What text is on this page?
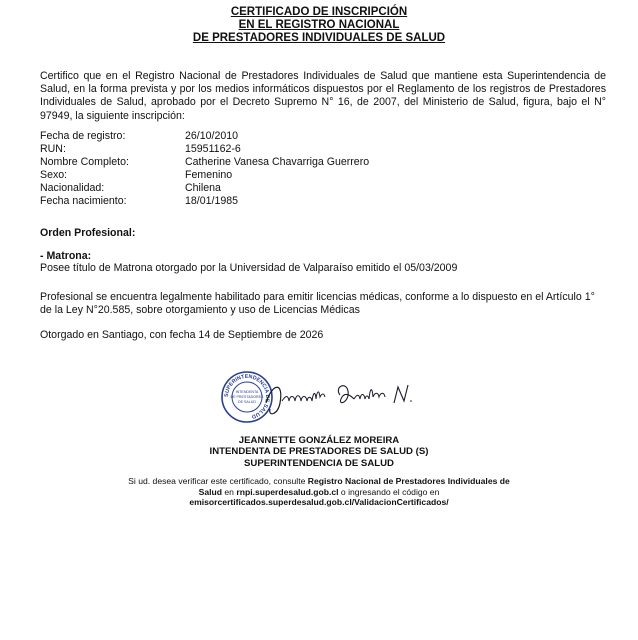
CERTIFICADO DE INSCRIPCIÓN
EN EL REGISTRO NACIONAL
DE PRESTADORES INDIVIDUALES DE SALUD
Certifico que en el Registro Nacional de Prestadores Individuales de Salud que mantiene esta Superintendencia de Salud, en la forma prevista y por los medios informáticos dispuestos por el Reglamento de los registros de Prestadores Individuales de Salud, aprobado por el Decreto Supremo N° 16, de 2007, del Ministerio de Salud, figura, bajo el N° 97949, la siguiente inscripción:
Fecha de registro:	26/10/2010
RUN:	15951162-6
Nombre Completo:	Catherine Vanesa Chavarriga Guerrero
Sexo:	Femenino
Nacionalidad:	Chilena
Fecha nacimiento:	18/01/1985
Orden Profesional:
- Matrona:
Posee título de Matrona otorgado por la Universidad de Valparaíso emitido el 05/03/2009
Profesional se encuentra legalmente habilitado para emitir licencias médicas, conforme a lo dispuesto en el Artículo 1° de la Ley N°20.585, sobre otorgamiento y uso de Licencias Médicas
Otorgado en Santiago, con fecha 14 de Septiembre de 2026
SUPERINTENDENCIA DE SALUD
INTENDENTA
DE PRESTADORES
DE SALUD
JEANNETTE GONZÁLEZ MOREIRA
INTENDENTA DE PRESTADORES DE SALUD (S)
SUPERINTENDENCIA DE SALUD
Si ud. desea verificar este certificado, consulte Registro Nacional de Prestadores Individuales de Salud en rnpi.superdesalud.gob.cl o ingresando el código en emisorcertificados.superdesalud.gob.cl/ValidacionCertificados/
